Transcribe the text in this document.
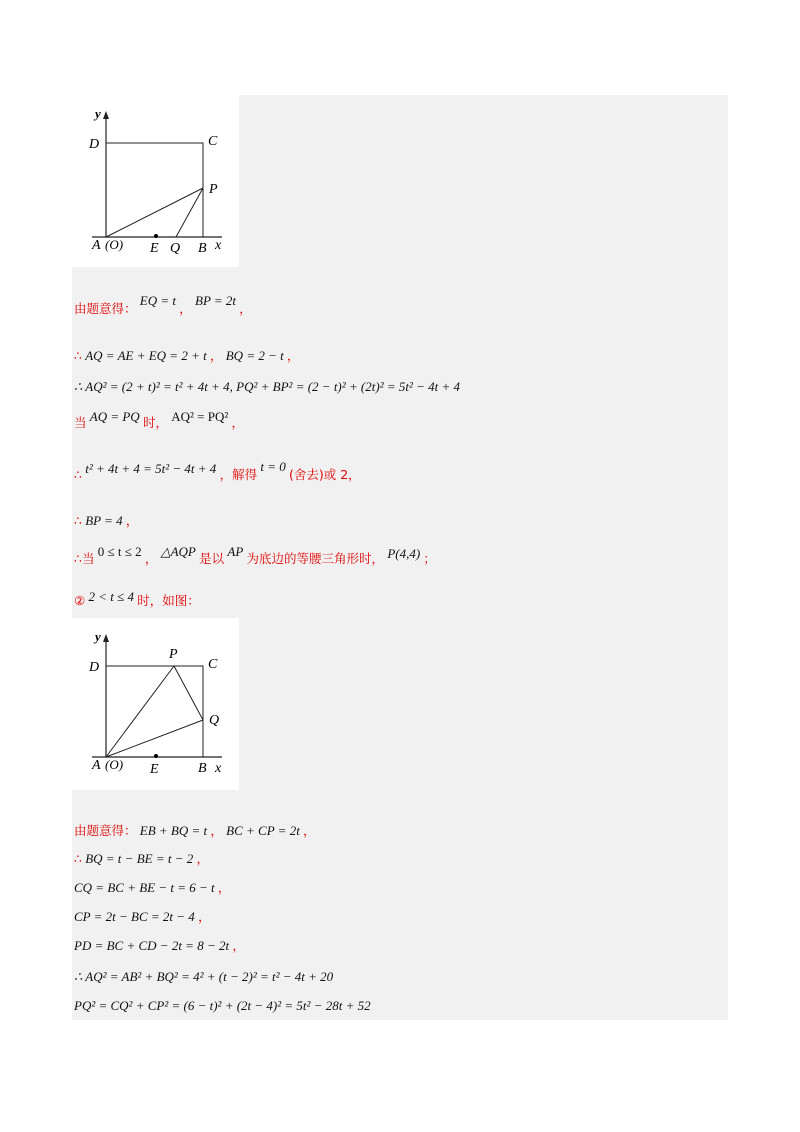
y
D	C
P
A (O) E Q B x
由题意得： EQ = t ， BP = 2t ，
∴ AQ = AE + EQ = 2 + t ， BQ = 2 − t ，
∴ AQ² = (2 + t)² = t² + 4t + 4, PQ² + BP² = (2 − t)² + (2t)² = 5t² − 4t + 4
当 AQ = PQ 时， AQ² = PQ² ，
∴ t² + 4t + 4 = 5t² − 4t + 4 ，解得 t = 0 (舍去)或 2，
∴ BP = 4 ，
∴当 0 ≤ t ≤ 2 ， △AQP 是以 AP 为底边的等腰三角形时， P(4,4) ；
② 2 < t ≤ 4 时，如图：
y
D
P
C
Q
A (O) E	B x
由题意得： EB + BQ = t ， BC + CP = 2t ，
∴ BQ = t − BE = t − 2 ，
CQ = BC + BE − t = 6 − t ，
CP = 2t − BC = 2t − 4 ，
PD = BC + CD − 2t = 8 − 2t ，
∴ AQ² = AB² + BQ² = 4² + (t − 2)² = t² − 4t + 20
PQ² = CQ² + CP² = (6 − t)² + (2t − 4)² = 5t² − 28t + 52
